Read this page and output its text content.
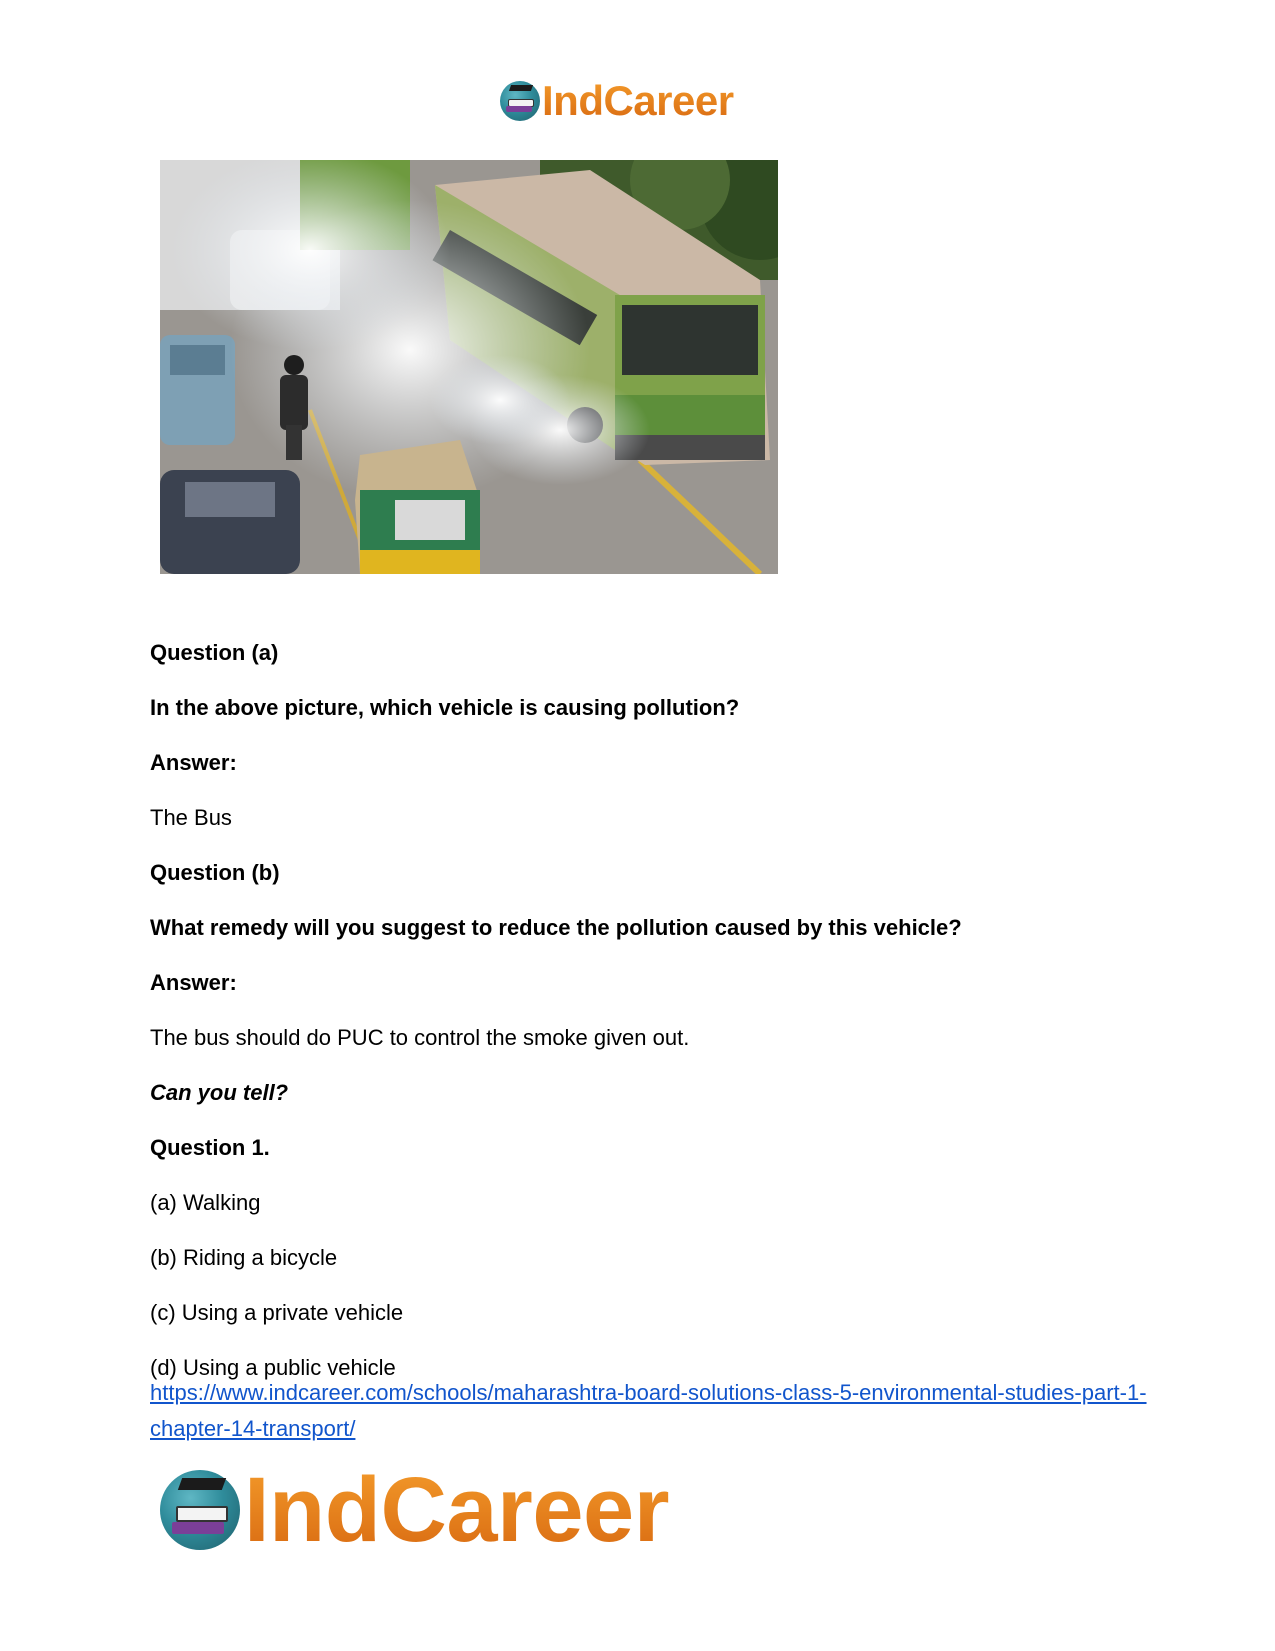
IndCareer
Question (a)
In the above picture, which vehicle is causing pollution?
Answer:
The Bus
Question (b)
What remedy will you suggest to reduce the pollution caused by this vehicle?
Answer:
The bus should do PUC to control the smoke given out.
Can you tell?
Question 1.
(a) Walking
(b) Riding a bicycle
(c) Using a private vehicle
(d) Using a public vehicle
https://www.indcareer.com/schools/maharashtra-board-solutions-class-5-environmental-studies-part-1-chapter-14-transport/
IndCareer
